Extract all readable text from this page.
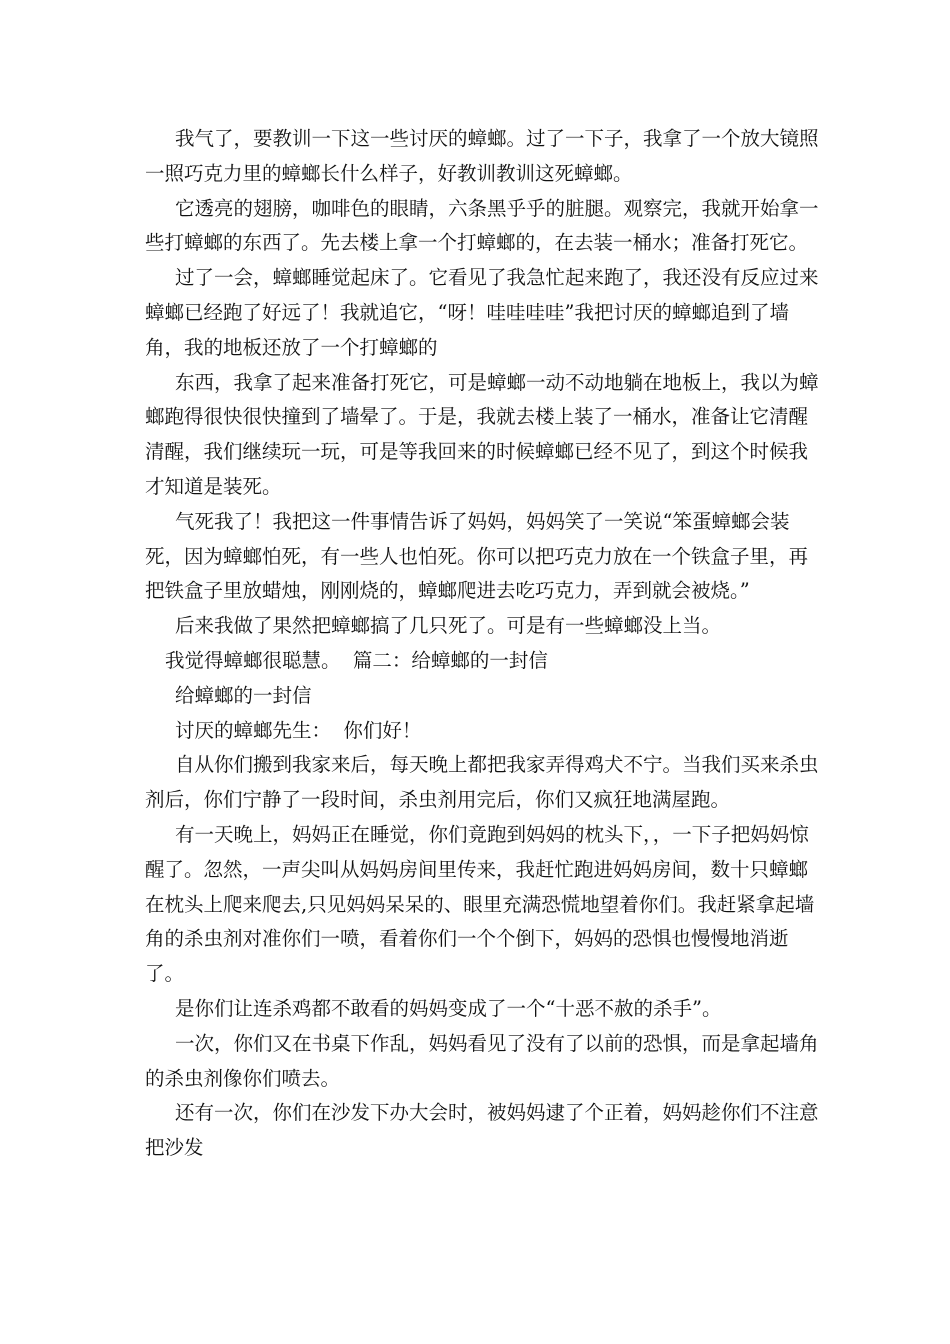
我气了，要教训一下这一些讨厌的蟑螂。过了一下子，我拿了一个放大镜照一照巧克力里的蟑螂长什么样子，好教训教训这死蟑螂。

它透亮的翅膀，咖啡色的眼睛，六条黑乎乎的脏腿。观察完，我就开始拿一些打蟑螂的东西了。先去楼上拿一个打蟑螂的，在去装一桶水；准备打死它。

过了一会，蟑螂睡觉起床了。它看见了我急忙起来跑了，我还没有反应过来蟑螂已经跑了好远了！我就追它，“呀！哇哇哇哇”我把讨厌的蟑螂追到了墙角，我的地板还放了一个打蟑螂的

东西，我拿了起来准备打死它，可是蟑螂一动不动地躺在地板上，我以为蟑螂跑得很快很快撞到了墙晕了。于是，我就去楼上装了一桶水，准备让它清醒清醒，我们继续玩一玩，可是等我回来的时候蟑螂已经不见了，到这个时候我才知道是装死。

气死我了！我把这一件事情告诉了妈妈，妈妈笑了一笑说“笨蛋蟑螂会装死，因为蟑螂怕死，有一些人也怕死。你可以把巧克力放在一个铁盒子里，再把铁盒子里放蜡烛，刚刚烧的，蟑螂爬进去吃巧克力，弄到就会被烧。”

后来我做了果然把蟑螂搞了几只死了。可是有一些蟑螂没上当。

我觉得蟑螂很聪慧。  篇二：给蟑螂的一封信

给蟑螂的一封信

讨厌的蟑螂先生：  你们好！

自从你们搬到我家来后，每天晚上都把我家弄得鸡犬不宁。当我们买来杀虫剂后，你们宁静了一段时间，杀虫剂用完后，你们又疯狂地满屋跑。

有一天晚上，妈妈正在睡觉，你们竟跑到妈妈的枕头下，，一下子把妈妈惊醒了。忽然，一声尖叫从妈妈房间里传来，我赶忙跑进妈妈房间，数十只蟑螂在枕头上爬来爬去,只见妈妈呆呆的、眼里充满恐慌地望着你们。我赶紧拿起墙角的杀虫剂对准你们一喷，看着你们一个个倒下，妈妈的恐惧也慢慢地消逝了。

是你们让连杀鸡都不敢看的妈妈变成了一个“十恶不赦的杀手”。

一次，你们又在书桌下作乱，妈妈看见了没有了以前的恐惧，而是拿起墙角的杀虫剂像你们喷去。

还有一次，你们在沙发下办大会时，被妈妈逮了个正着，妈妈趁你们不注意把沙发
